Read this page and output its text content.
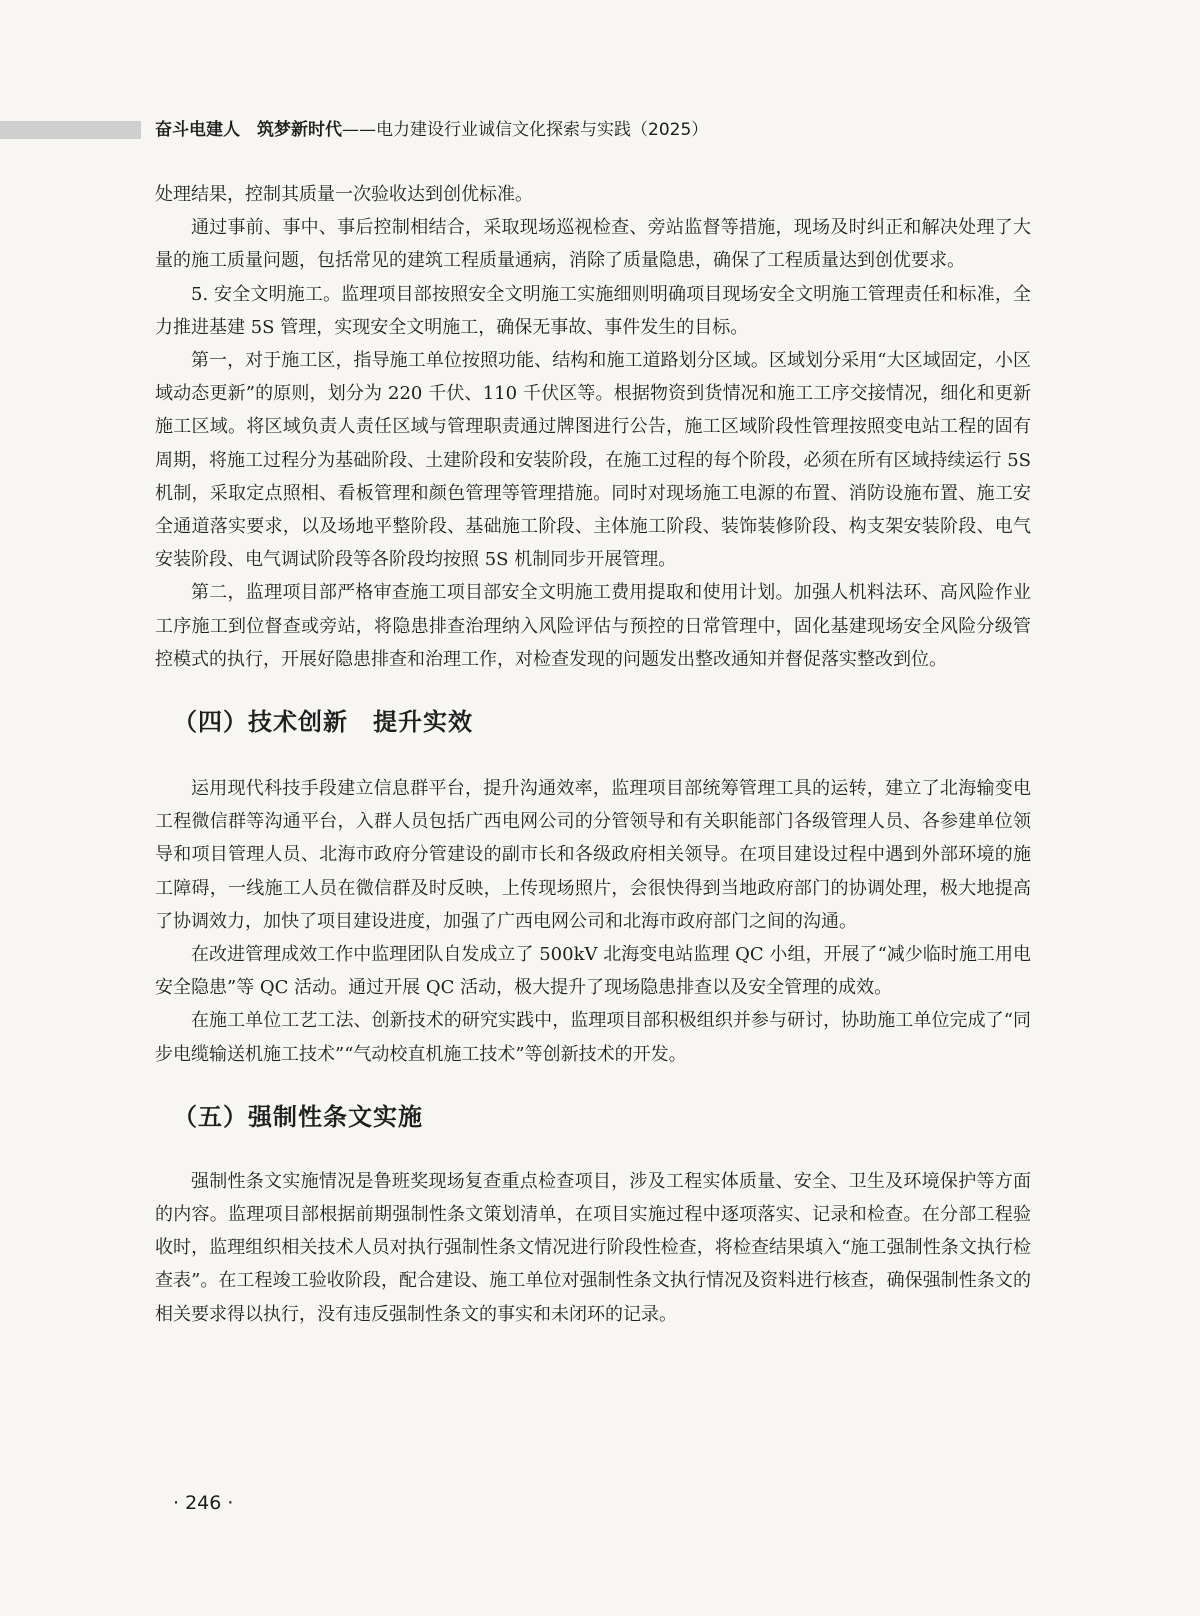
奋斗电建人　筑梦新时代——电力建设行业诚信文化探索与实践（2025）

处理结果，控制其质量一次验收达到创优标准。

通过事前、事中、事后控制相结合，采取现场巡视检查、旁站监督等措施，现场及时纠正和解决处理了大量的施工质量问题，包括常见的建筑工程质量通病，消除了质量隐患，确保了工程质量达到创优要求。

5. 安全文明施工。监理项目部按照安全文明施工实施细则明确项目现场安全文明施工管理责任和标准，全力推进基建 5S 管理，实现安全文明施工，确保无事故、事件发生的目标。

第一，对于施工区，指导施工单位按照功能、结构和施工道路划分区域。区域划分采用“大区域固定，小区域动态更新”的原则，划分为 220 千伏、110 千伏区等。根据物资到货情况和施工工序交接情况，细化和更新施工区域。将区域负责人责任区域与管理职责通过牌图进行公告，施工区域阶段性管理按照变电站工程的固有周期，将施工过程分为基础阶段、土建阶段和安装阶段，在施工过程的每个阶段，必须在所有区域持续运行 5S 机制，采取定点照相、看板管理和颜色管理等管理措施。同时对现场施工电源的布置、消防设施布置、施工安全通道落实要求，以及场地平整阶段、基础施工阶段、主体施工阶段、装饰装修阶段、构支架安装阶段、电气安装阶段、电气调试阶段等各阶段均按照 5S 机制同步开展管理。

第二，监理项目部严格审查施工项目部安全文明施工费用提取和使用计划。加强人机料法环、高风险作业工序施工到位督查或旁站，将隐患排查治理纳入风险评估与预控的日常管理中，固化基建现场安全风险分级管控模式的执行，开展好隐患排查和治理工作，对检查发现的问题发出整改通知并督促落实整改到位。

（四）技术创新　提升实效

运用现代科技手段建立信息群平台，提升沟通效率，监理项目部统筹管理工具的运转，建立了北海输变电工程微信群等沟通平台，入群人员包括广西电网公司的分管领导和有关职能部门各级管理人员、各参建单位领导和项目管理人员、北海市政府分管建设的副市长和各级政府相关领导。在项目建设过程中遇到外部环境的施工障碍，一线施工人员在微信群及时反映，上传现场照片，会很快得到当地政府部门的协调处理，极大地提高了协调效力，加快了项目建设进度，加强了广西电网公司和北海市政府部门之间的沟通。

在改进管理成效工作中监理团队自发成立了 500kV 北海变电站监理 QC 小组，开展了“减少临时施工用电安全隐患”等 QC 活动。通过开展 QC 活动，极大提升了现场隐患排查以及安全管理的成效。

在施工单位工艺工法、创新技术的研究实践中，监理项目部积极组织并参与研讨，协助施工单位完成了“同步电缆输送机施工技术”“气动校直机施工技术”等创新技术的开发。

（五）强制性条文实施

强制性条文实施情况是鲁班奖现场复查重点检查项目，涉及工程实体质量、安全、卫生及环境保护等方面的内容。监理项目部根据前期强制性条文策划清单，在项目实施过程中逐项落实、记录和检查。在分部工程验收时，监理组织相关技术人员对执行强制性条文情况进行阶段性检查，将检查结果填入“施工强制性条文执行检查表”。在工程竣工验收阶段，配合建设、施工单位对强制性条文执行情况及资料进行核查，确保强制性条文的相关要求得以执行，没有违反强制性条文的事实和未闭环的记录。

· 246 ·
